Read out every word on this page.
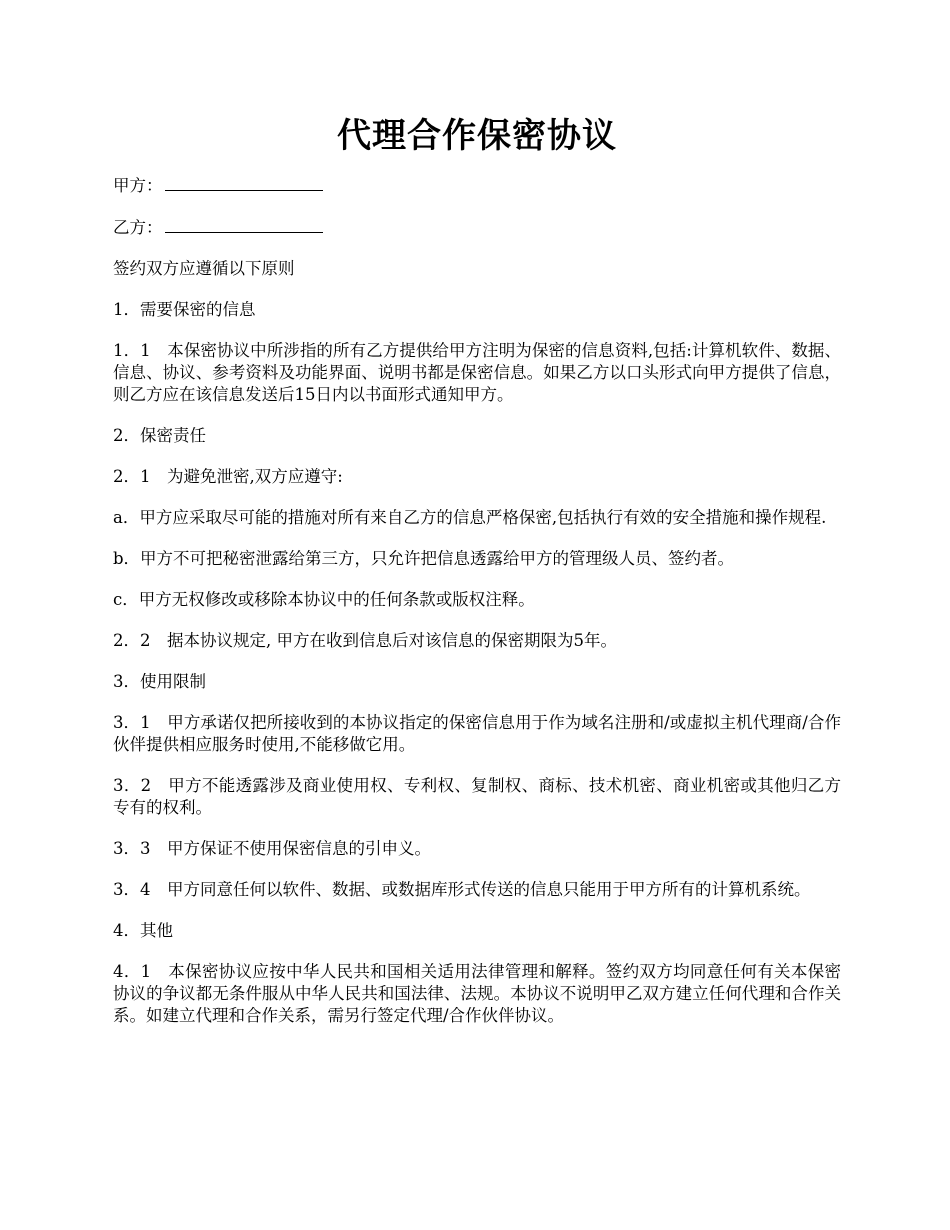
代理合作保密协议

甲方：

乙方：

签约双方应遵循以下原则

1．需要保密的信息

1．1　本保密协议中所涉指的所有乙方提供给甲方注明为保密的信息资料,包括:计算机软件、数据、信息、协议、参考资料及功能界面、说明书都是保密信息。如果乙方以口头形式向甲方提供了信息，则乙方应在该信息发送后15日内以书面形式通知甲方。

2．保密责任

2．1　为避免泄密,双方应遵守:

a．甲方应采取尽可能的措施对所有来自乙方的信息严格保密,包括执行有效的安全措施和操作规程.

b．甲方不可把秘密泄露给第三方，只允许把信息透露给甲方的管理级人员、签约者。

c．甲方无权修改或移除本协议中的任何条款或版权注释。

2．2　据本协议规定, 甲方在收到信息后对该信息的保密期限为5年。

3．使用限制

3．1　甲方承诺仅把所接收到的本协议指定的保密信息用于作为域名注册和/或虚拟主机代理商/合作伙伴提供相应服务时使用,不能移做它用。

3．2　甲方不能透露涉及商业使用权、专利权、复制权、商标、技术机密、商业机密或其他归乙方专有的权利。

3．3　甲方保证不使用保密信息的引申义。

3．4　甲方同意任何以软件、数据、或数据库形式传送的信息只能用于甲方所有的计算机系统。

4．其他

4．1　本保密协议应按中华人民共和国相关适用法律管理和解释。签约双方均同意任何有关本保密协议的争议都无条件服从中华人民共和国法律、法规。本协议不说明甲乙双方建立任何代理和合作关系。如建立代理和合作关系，需另行签定代理/合作伙伴协议。
